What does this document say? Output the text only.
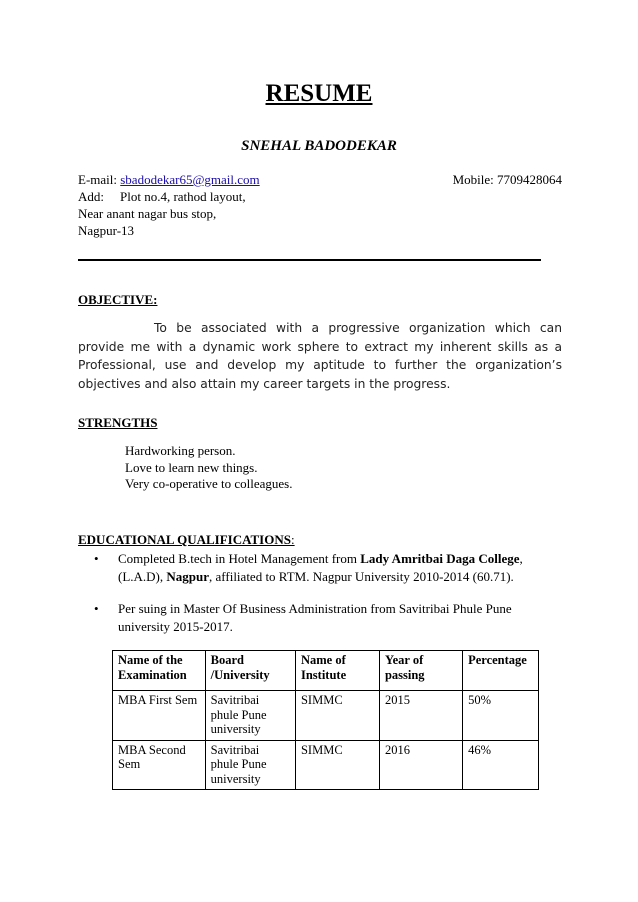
RESUME
SNEHAL BADODEKAR
E-mail: sbadodekar65@gmail.com	Mobile: 7709428064
Add: Plot no.4, rathod layout,
Near anant nagar bus stop,
Nagpur-13
OBJECTIVE:
To be associated with a progressive organization which can provide me with a dynamic work sphere to extract my inherent skills as a Professional, use and develop my aptitude to further the organization’s objectives and also attain my career targets in the progress.
STRENGTHS
Hardworking person.
Love to learn new things.
Very co-operative to colleagues.
EDUCATIONAL QUALIFICATIONS:
• Completed B.tech in Hotel Management from Lady Amritbai Daga College, (L.A.D), Nagpur, affiliated to RTM. Nagpur University 2010-2014 (60.71).
• Per suing in Master Of Business Administration from Savitribai Phule Pune university 2015-2017.
Name of the Examination	Board /University	Name of Institute	Year of passing	Percentage
MBA First Sem	Savitribai phule Pune university	SIMMC	2015	50%
MBA Second Sem	Savitribai phule Pune university	SIMMC	2016	46%
